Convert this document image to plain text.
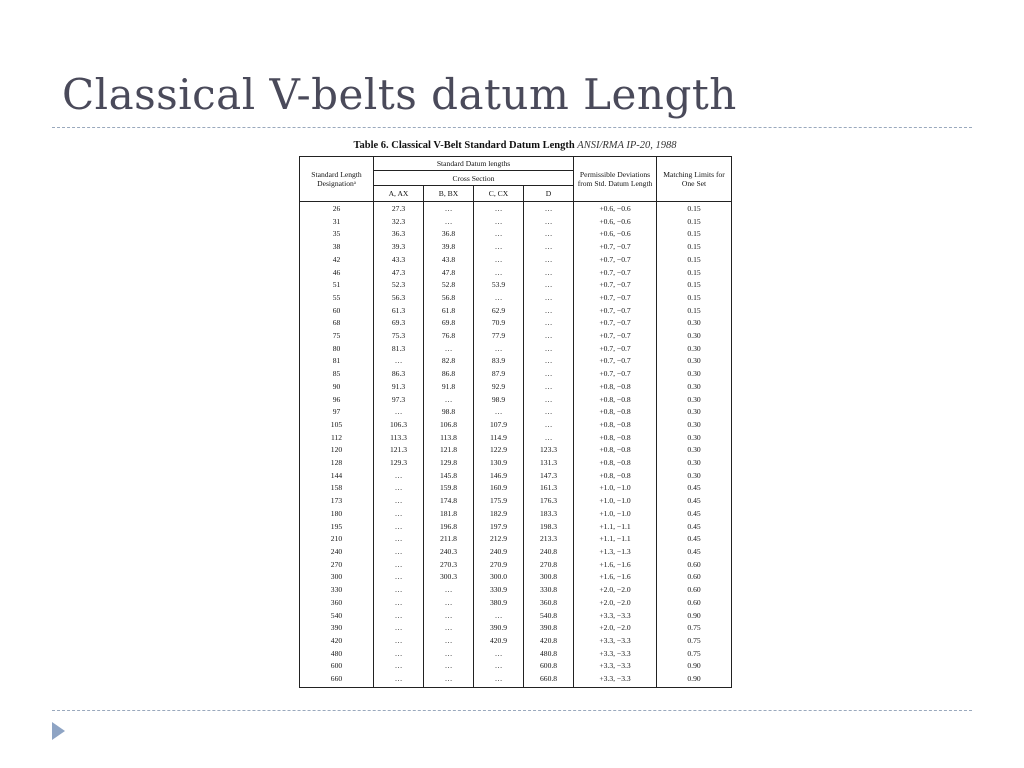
Classical V-belts datum Length
Table 6. Classical V-Belt Standard Datum Length ANSI/RMA IP-20, 1988
Standard Length Designationᵃ	Standard Datum lengths				Permissible Deviations from Std. Datum Length	Matching Limits for One Set
	Cross Section					
	A, AX	B, BX	C, CX	D		
26	27.3	…	…	…	+0.6, −0.6	0.15
31	32.3	…	…	…	+0.6, −0.6	0.15
35	36.3	36.8	…	…	+0.6, −0.6	0.15
38	39.3	39.8	…	…	+0.7, −0.7	0.15
42	43.3	43.8	…	…	+0.7, −0.7	0.15
46	47.3	47.8	…	…	+0.7, −0.7	0.15
51	52.3	52.8	53.9	…	+0.7, −0.7	0.15
55	56.3	56.8	…	…	+0.7, −0.7	0.15
60	61.3	61.8	62.9	…	+0.7, −0.7	0.15
68	69.3	69.8	70.9	…	+0.7, −0.7	0.30
75	75.3	76.8	77.9	…	+0.7, −0.7	0.30
80	81.3	…	…	…	+0.7, −0.7	0.30
81	…	82.8	83.9	…	+0.7, −0.7	0.30
85	86.3	86.8	87.9	…	+0.7, −0.7	0.30
90	91.3	91.8	92.9	…	+0.8, −0.8	0.30
96	97.3	…	98.9	…	+0.8, −0.8	0.30
97	…	98.8	…	…	+0.8, −0.8	0.30
105	106.3	106.8	107.9	…	+0.8, −0.8	0.30
112	113.3	113.8	114.9	…	+0.8, −0.8	0.30
120	121.3	121.8	122.9	123.3	+0.8, −0.8	0.30
128	129.3	129.8	130.9	131.3	+0.8, −0.8	0.30
144	…	145.8	146.9	147.3	+0.8, −0.8	0.30
158	…	159.8	160.9	161.3	+1.0, −1.0	0.45
173	…	174.8	175.9	176.3	+1.0, −1.0	0.45
180	…	181.8	182.9	183.3	+1.0, −1.0	0.45
195	…	196.8	197.9	198.3	+1.1, −1.1	0.45
210	…	211.8	212.9	213.3	+1.1, −1.1	0.45
240	…	240.3	240.9	240.8	+1.3, −1.3	0.45
270	…	270.3	270.9	270.8	+1.6, −1.6	0.60
300	…	300.3	300.0	300.8	+1.6, −1.6	0.60
330	…	…	330.9	330.8	+2.0, −2.0	0.60
360	…	…	380.9	360.8	+2.0, −2.0	0.60
540	…	…	…	540.8	+3.3, −3.3	0.90
390	…	…	390.9	390.8	+2.0, −2.0	0.75
420	…	…	420.9	420.8	+3.3, −3.3	0.75
480	…	…	…	480.8	+3.3, −3.3	0.75
600	…	…	…	600.8	+3.3, −3.3	0.90
660	…	…	…	660.8	+3.3, −3.3	0.90
